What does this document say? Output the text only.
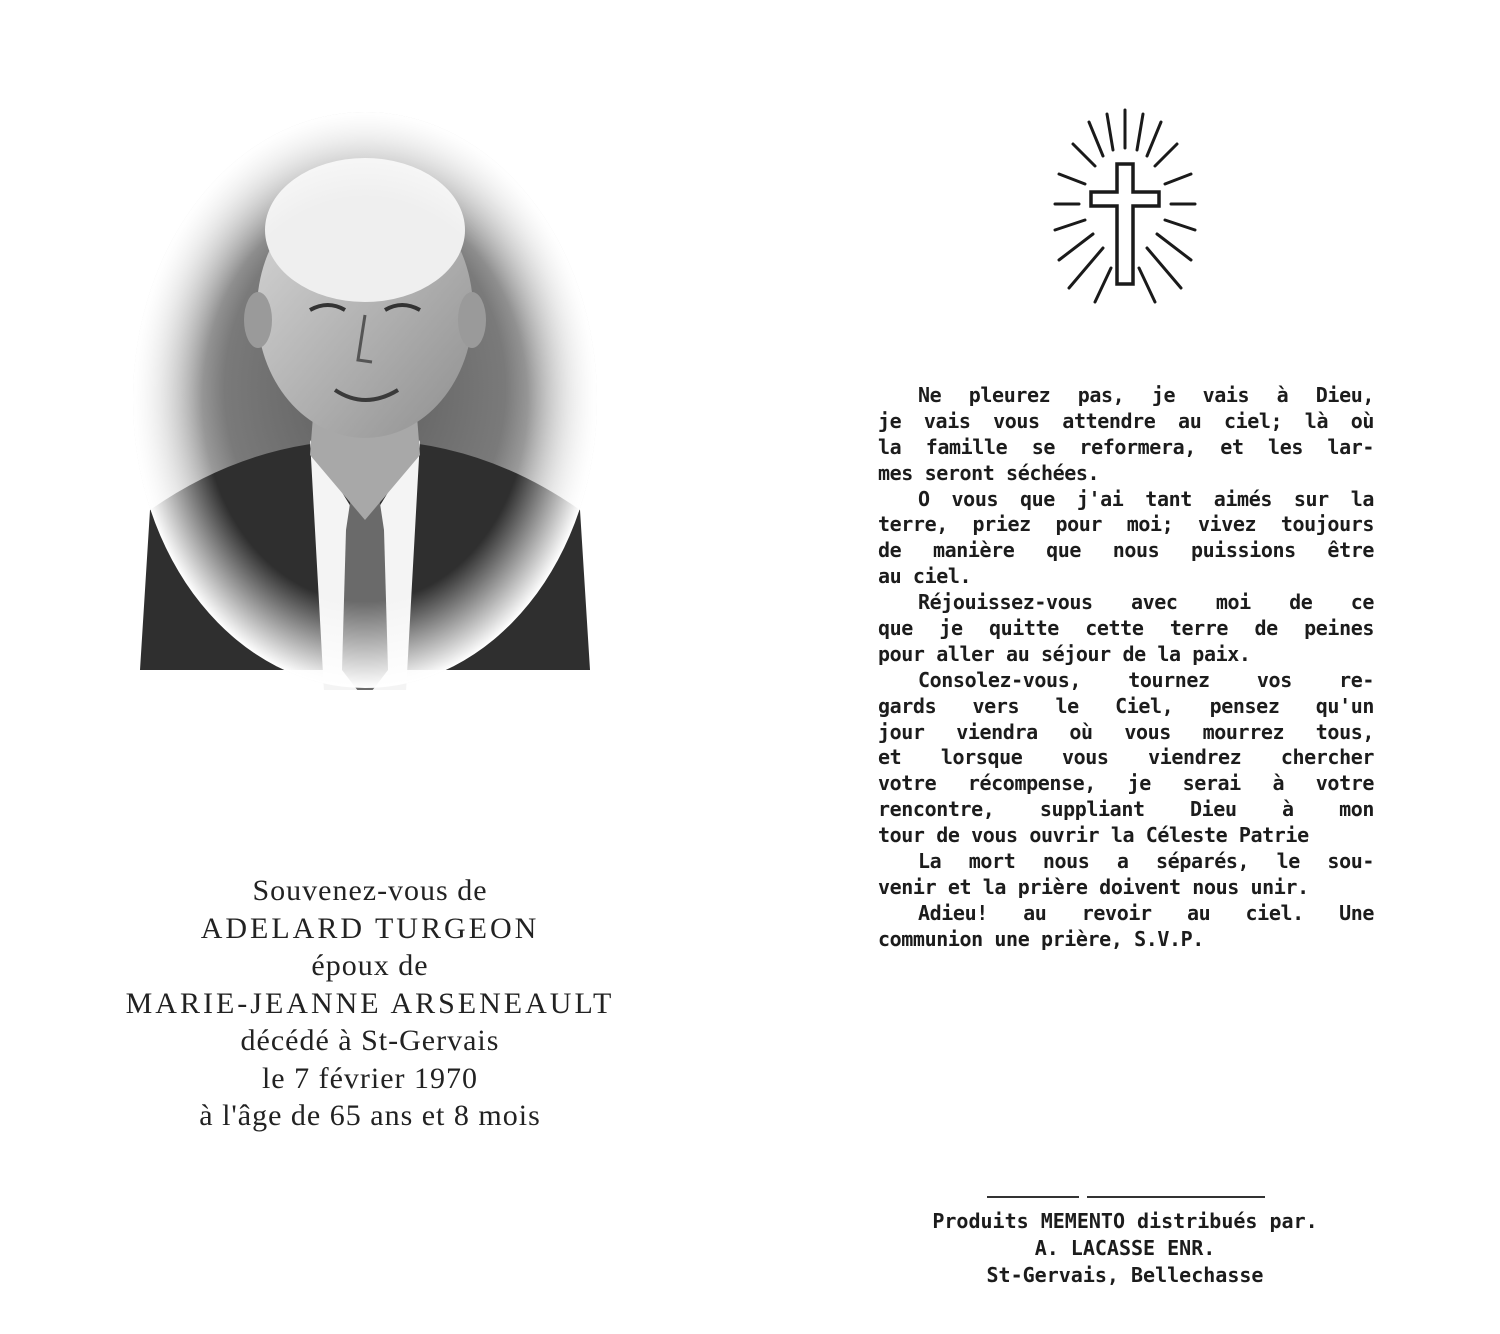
Souvenez-vous de
ADELARD TURGEON
époux de
MARIE-JEANNE ARSENEAULT
décédé à St-Gervais
le 7 février 1970
à l'âge de 65 ans et 8 mois
Ne pleurez pas, je vais à Dieu,
je vais vous attendre au ciel; là où
la famille se reformera, et les lar-
mes seront séchées.
O vous que j'ai tant aimés sur la
terre, priez pour moi; vivez toujours
de manière que nous puissions être
au ciel.
Réjouissez-vous avec moi de ce
que je quitte cette terre de peines
pour aller au séjour de la paix.
Consolez-vous, tournez vos re-
gards vers le Ciel, pensez qu'un
jour viendra où vous mourrez tous,
et lorsque vous viendrez chercher
votre récompense, je serai à votre
rencontre, suppliant Dieu à mon
tour de vous ouvrir la Céleste Patrie
La mort nous a séparés, le sou-
venir et la prière doivent nous unir.
Adieu! au revoir au ciel. Une
communion une prière, S.V.P.
Produits MEMENTO distribués par.
A. LACASSE ENR.
St-Gervais, Bellechasse
